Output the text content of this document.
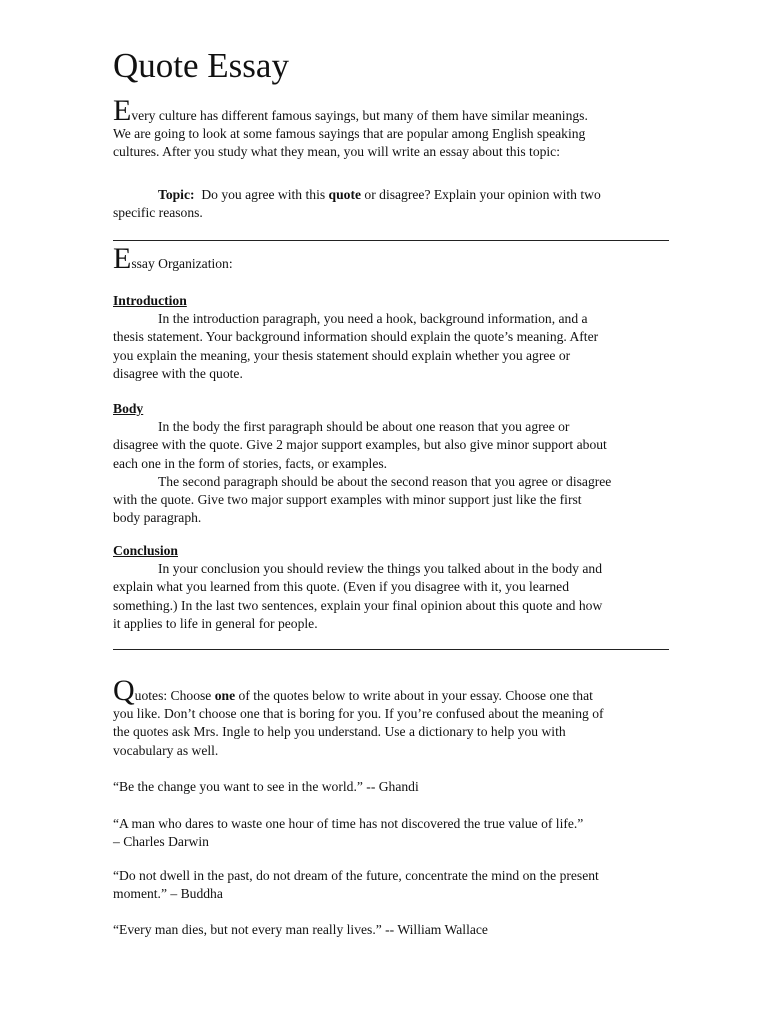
Quote Essay

Every culture has different famous sayings, but many of them have similar meanings.

We are going to look at some famous sayings that are popular among English speaking

cultures. After you study what they mean, you will write an essay about this topic:

Topic: Do you agree with this quote or disagree? Explain your opinion with two

specific reasons.

Essay Organization:

Introduction

In the introduction paragraph, you need a hook, background information, and a

thesis statement. Your background information should explain the quote’s meaning. After

you explain the meaning, your thesis statement should explain whether you agree or

disagree with the quote.

Body

In the body the first paragraph should be about one reason that you agree or

disagree with the quote. Give 2 major support examples, but also give minor support about

each one in the form of stories, facts, or examples.

The second paragraph should be about the second reason that you agree or disagree

with the quote. Give two major support examples with minor support just like the first

body paragraph.

Conclusion

In your conclusion you should review the things you talked about in the body and

explain what you learned from this quote. (Even if you disagree with it, you learned

something.) In the last two sentences, explain your final opinion about this quote and how

it applies to life in general for people.

Quotes: Choose one of the quotes below to write about in your essay. Choose one that

you like. Don’t choose one that is boring for you. If you’re confused about the meaning of

the quotes ask Mrs. Ingle to help you understand. Use a dictionary to help you with

vocabulary as well.

“Be the change you want to see in the world.” -- Ghandi

“A man who dares to waste one hour of time has not discovered the true value of life.”

– Charles Darwin

“Do not dwell in the past, do not dream of the future, concentrate the mind on the present

moment.” – Buddha

“Every man dies, but not every man really lives.” -- William Wallace
